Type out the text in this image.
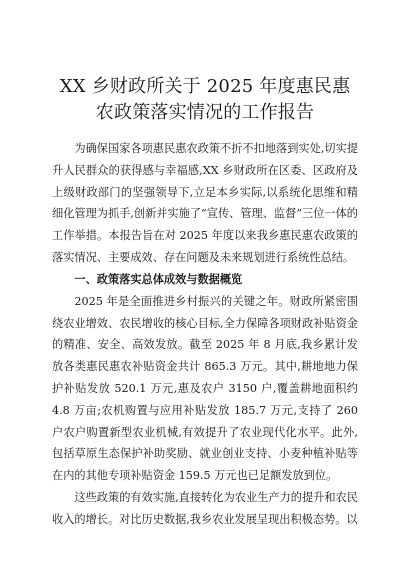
XX 乡财政所关于 2025 年度惠民惠农政策落实情况的工作报告

为确保国家各项惠民惠农政策不折不扣地落到实处,切实提升人民群众的获得感与幸福感,XX 乡财政所在区委、区政府及上级财政部门的坚强领导下,立足本乡实际,以系统化思维和精细化管理为抓手,创新并实施了“宣传、管理、监督”三位一体的工作举措。本报告旨在对 2025 年度以来我乡惠民惠农政策的落实情况、主要成效、存在问题及未来规划进行系统性总结。

一、政策落实总体成效与数据概览

2025 年是全面推进乡村振兴的关键之年。财政所紧密围绕农业增效、农民增收的核心目标,全力保障各项财政补贴资金的精准、安全、高效发放。截至 2025 年 8 月底,我乡累计发放各类惠民惠农补贴资金共计 865.3 万元。其中,耕地地力保护补贴发放 520.1 万元,惠及农户 3150 户,覆盖耕地面积约 4.8 万亩;农机购置与应用补贴发放 185.7 万元,支持了 260 户农户购置新型农业机械,有效提升了农业现代化水平。此外,包括草原生态保护补助奖励、就业创业支持、小麦种植补贴等在内的其他专项补贴资金 159.5 万元也已足额发放到位。

这些政策的有效实施,直接转化为农业生产力的提升和农民收入的增长。对比历史数据,我乡农业发展呈现出积极态势。以
